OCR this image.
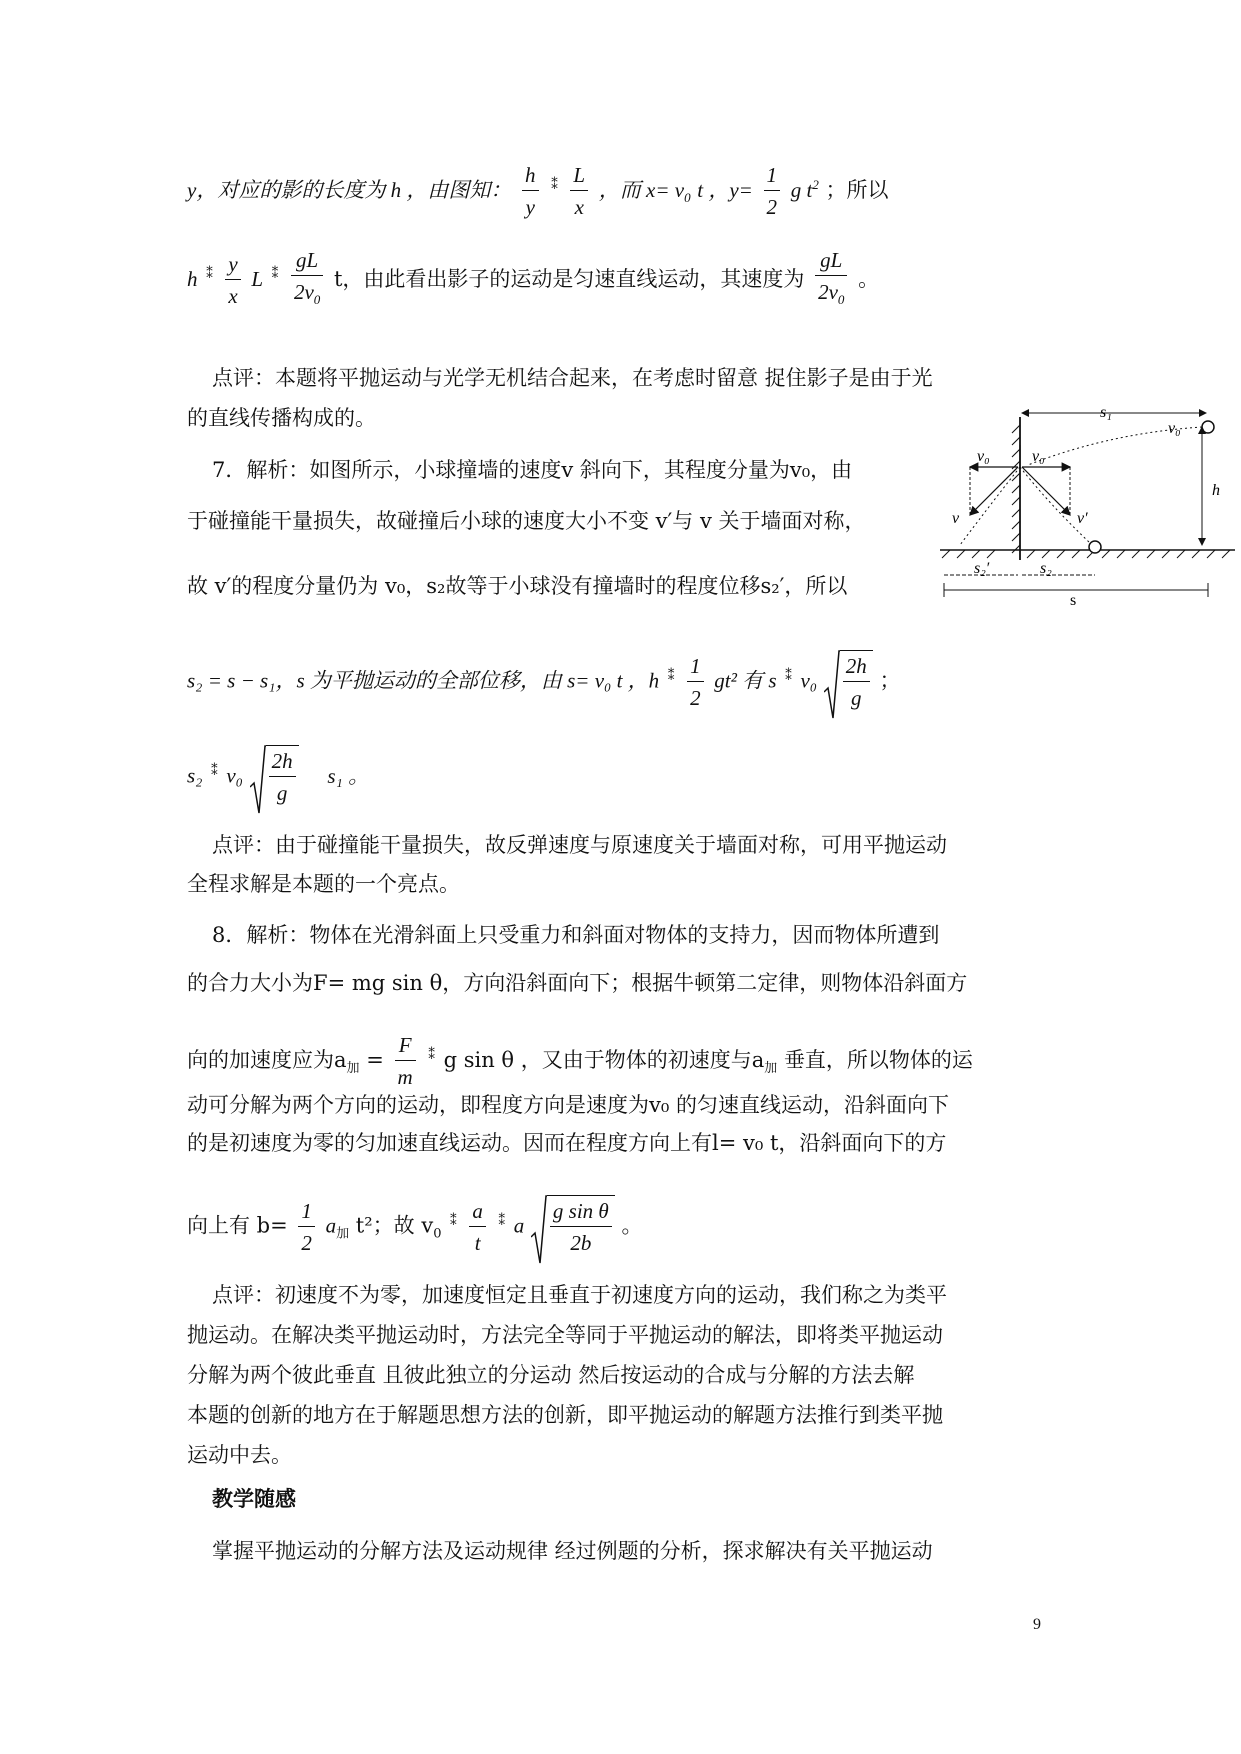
y，对应的影的长度为 h ，由图知： $\frac{h}{y} ^⁑ \frac{L}{x}$ ，而 $x= v_0$ t ，$y= \frac{1}{2}$ g $t^2$ ；所以
h $^⁑ \frac{y}{x}$ L $^⁑ \frac{gL}{2v_0}$ t，由此看出影子的运动是匀速直线运动，其速度为 $\frac{gL}{2v_0}$ 。
点评：本题将平抛运动与光学无机结合起来，在考虑时留意 捉住影子是由于光
的直线传播构成的。
7．解析：如图所示，小球撞墙的速度v 斜向下，其程度分量为v₀，由
于碰撞能干量损失，故碰撞后小球的速度大小不变 v′与 v 关于墙面对称，
故 v′的程度分量仍为 v₀，s₂故等于小球没有撞墙时的程度位移s₂′，所以
s₂ = s − s₁，s 为平抛运动的全部位移，由 s= v₀ t ，h $^⁑ \frac{1}{2} gt^2$ 有 s ⁑ $v_0 \frac{2h}{g}$ ；
s₂ ⁑ $v_0 \frac{2h}{g} s_1$ 。
点评：由于碰撞能干量损失，故反弹速度与原速度关于墙面对称，可用平抛运动
全程求解是本题的一个亮点。
8．解析：物体在光滑斜面上只受重力和斜面对物体的支持力，因而物体所遭到
的合力大小为F= mg sin θ，方向沿斜面向下；根据牛顿第二定律，则物体沿斜面方
向的加速度应为$a_加 = \frac{F}{m} ^⁑$ g sin θ ，又由于物体的初速度与$a_加$ 垂直，所以物体的运
动可分解为两个方向的运动，即程度方向是速度为v₀ 的匀速直线运动，沿斜面向下
的是初速度为零的匀加速直线运动。因而在程度方向上有l= v₀ t，沿斜面向下的方
向上有 $b= \frac{1}{2} a_加$ t²；故 $v_0$ $^⁑ \frac{a}{t} ^⁑$ a $\frac{\text{g sin θ}}{2b}$ 。
点评：初速度不为零，加速度恒定且垂直于初速度方向的运动，我们称之为类平
抛运动。在解决类平抛运动时，方法完全等同于平抛运动的解法，即将类平抛运动
分解为两个彼此垂直 且彼此独立的分运动 然后按运动的合成与分解的方法去解
本题的创新的地方在于解题思想方法的创新，即平抛运动的解题方法推行到类平抛
运动中去。
教学随感
掌握平抛运动的分解方法及运动规律 经过例题的分析，探求解决有关平抛运动
9
s₁
v₀
v₀	v₀
h
v	v′
s₂′	s₂
s
